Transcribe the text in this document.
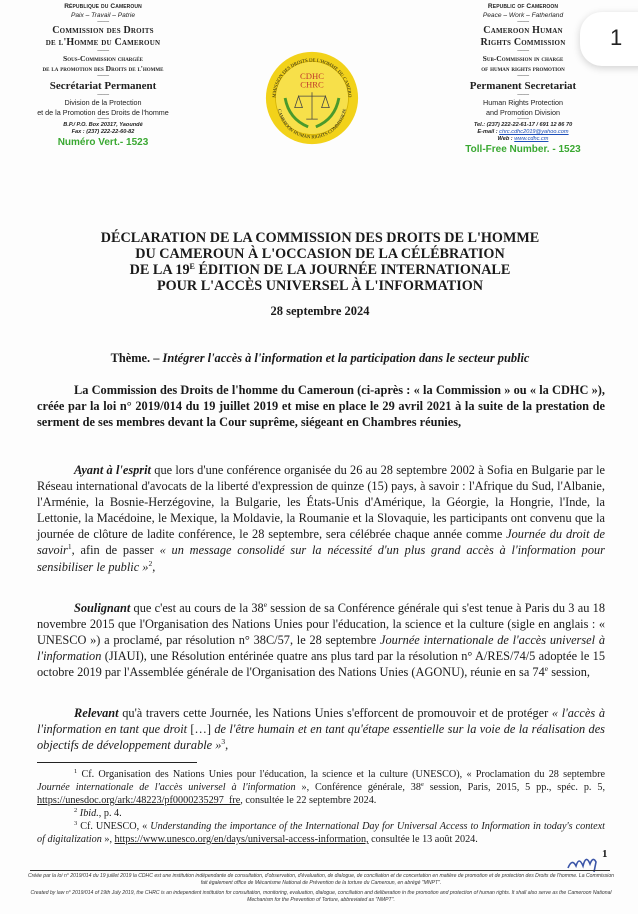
1
République du Cameroun
Paix – Travail – Patrie
----------
Commission des Droits
de l'Homme du Cameroun
----------
Sous-Commission chargée
de la promotion des Droits de l'homme
----------
Secrétariat Permanent
----------
Division de la Protection
et de la Promotion des Droits de l'homme
----------
B.P./ P.O. Box 20317, Yaoundé
Fax : (237) 222-22-60-82
Numéro Vert.- 1523
MMISSION DES DROITS DE L'HOMME DU CAMERO
CAMEROON HUMAN RIGHTS COMMISSION
CDHC
CHRC
Republic of Cameroon
Peace – Work – Fatherland
----------
Cameroon Human
Rights Commission
----------
Sub-Commission in charge
of human rights promotion
----------
Permanent Secretariat
----------
Human Rights Protection
and Promotion Division
----------
Tel.: (237) 222-22-61-17 / 691 12 86 70
E-mail : chrc.cdhc2019@yahoo.com
Web : www.cdhc.cm
Toll-Free Number. - 1523
DÉCLARATION DE LA COMMISSION DES DROITS DE L'HOMME
DU CAMEROUN À L'OCCASION DE LA CÉLÉBRATION
DE LA $19^E$ ÉDITION DE LA JOURNÉE INTERNATIONALE
POUR L'ACCÈS UNIVERSEL À L'INFORMATION
28 septembre 2024
Thème. – Intégrer l'accès à l'information et la participation dans le secteur public
La Commission des Droits de l'homme du Cameroun (ci-après : « la Commission » ou « la CDHC »), créée par la loi n° 2019/014 du 19 juillet 2019 et mise en place le 29 avril 2021 à la suite de la prestation de serment de ses membres devant la Cour suprême, siégeant en Chambres réunies,
Ayant à l'esprit que lors d'une conférence organisée du 26 au 28 septembre 2002 à Sofia en Bulgarie par le Réseau international d'avocats de la liberté d'expression de quinze (15) pays, à savoir : l'Afrique du Sud, l'Albanie, l'Arménie, la Bosnie-Herzégovine, la Bulgarie, les États-Unis d'Amérique, la Géorgie, la Hongrie, l'Inde, la Lettonie, la Macédoine, le Mexique, la Moldavie, la Roumanie et la Slovaquie, les participants ont convenu que la journée de clôture de ladite conférence, le 28 septembre, sera célébrée chaque année comme Journée du droit de savoir$^1$, afin de passer « un message consolidé sur la nécessité d'un plus grand accès à l'information pour sensibiliser le public »$^2$,
Soulignant que c'est au cours de la 38e session de sa Conférence générale qui s'est tenue à Paris du 3 au 18 novembre 2015 que l'Organisation des Nations Unies pour l'éducation, la science et la culture (sigle en anglais : « UNESCO ») a proclamé, par résolution n° 38C/57, le 28 septembre Journée internationale de l'accès universel à l'information (JIAUI), une Résolution entérinée quatre ans plus tard par la résolution n° A/RES/74/5 adoptée le 15 octobre 2019 par l'Assemblée générale de l'Organisation des Nations Unies (AGONU), réunie en sa 74e session,
Relevant qu'à travers cette Journée, les Nations Unies s'efforcent de promouvoir et de protéger « l'accès à l'information en tant que droit […] de l'être humain et en tant qu'étape essentielle sur la voie de la réalisation des objectifs de développement durable »$^3$,

$^1$ Cf. Organisation des Nations Unies pour l'éducation, la science et la culture (UNESCO), « Proclamation du 28 septembre Journée internationale de l'accès universel à l'information », Conférence générale, 38e session, Paris, 2015, 5 pp., spéc. p. 5, https://unesdoc.org/ark:/48223/pf0000235297_fre, consultée le 22 septembre 2024.

$^2$ Ibid., p. 4.

$^3$ Cf. UNESCO, « Understanding the importance of the International Day for Universal Access to Information in today's context of digitalization », https://www.unesco.org/en/days/universal-access-information, consultée le 13 août 2024.

1
Créée par la loi n° 2019/014 du 19 juillet 2019 la CDHC est une institution indépendante de consultation, d'observation, d'évaluation, de dialogue, de conciliation et de concertation en matière de promotion et de protection des Droits de l'homme. La Commission fait également office de Mécanisme National de Prévention de la torture du Cameroun, en abrégé "MNPT".
Created by law n° 2019/014 of 19th July 2019, the CHRC is an independent institution for consultation, monitoring, evaluation, dialogue, conciliation and deliberation in the promotion and protection of human rights. It shall also serve as the Cameroon National Mechanism for the Prevention of Torture, abbreviated as "NMPT".
